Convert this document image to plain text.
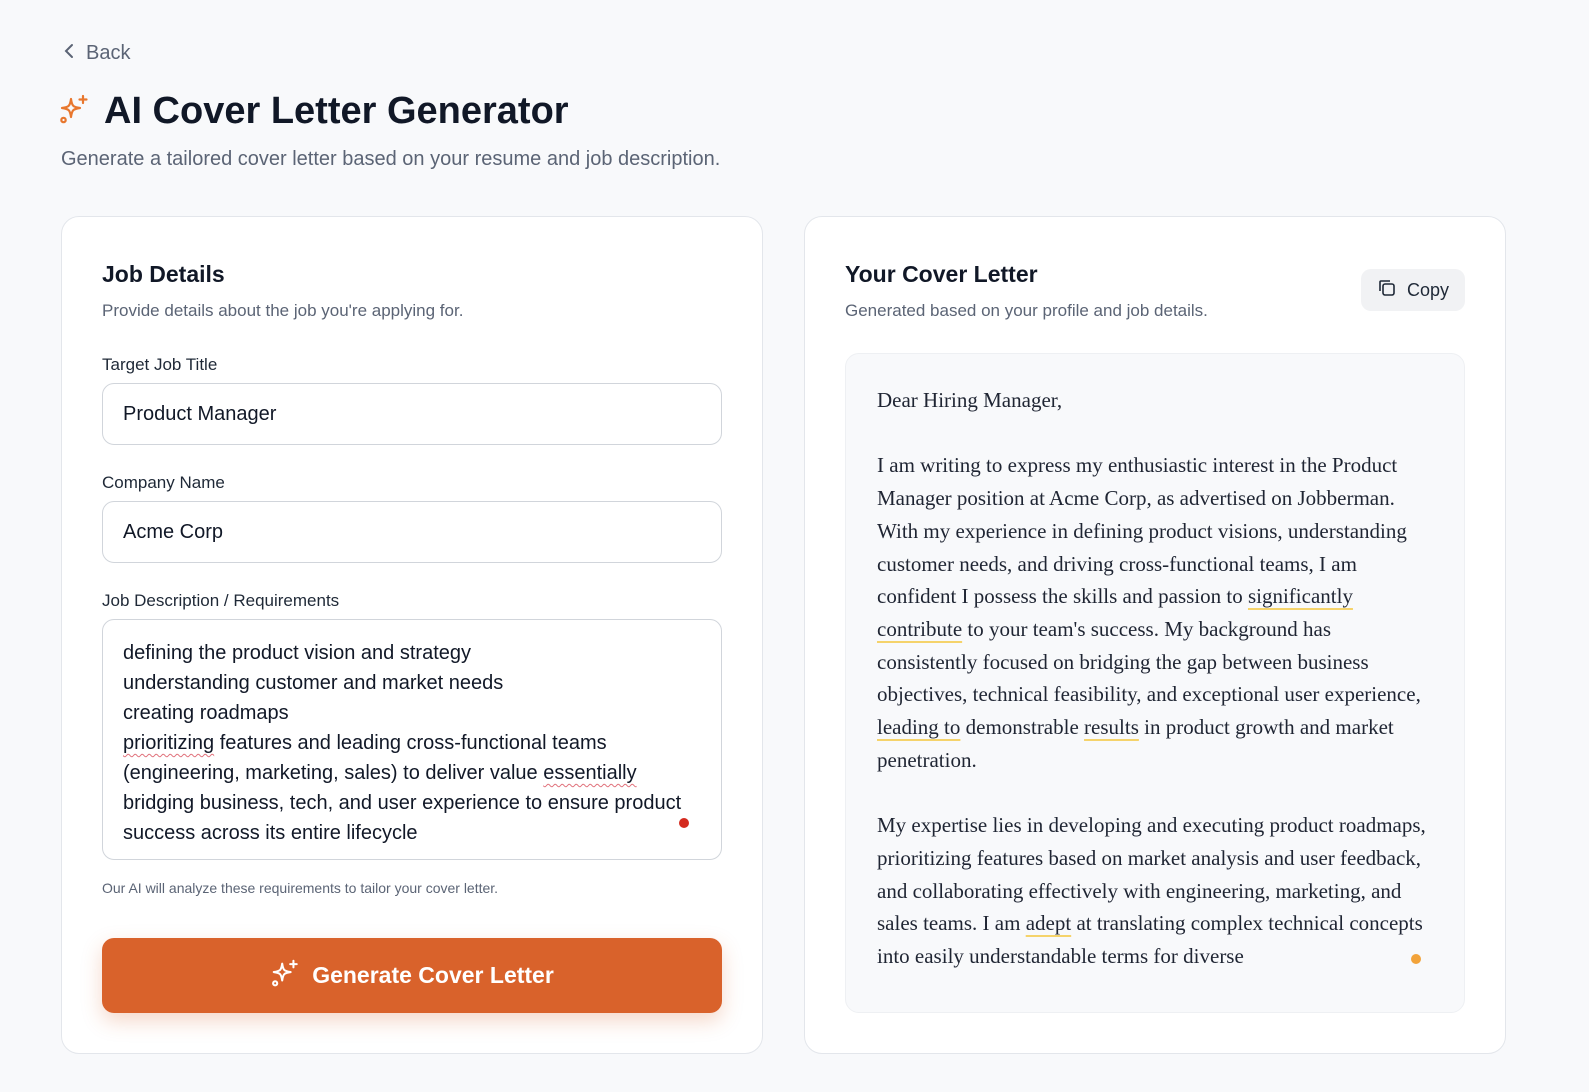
Back
AI Cover Letter Generator
Generate a tailored cover letter based on your resume and job description.
Job Details
Provide details about the job you're applying for.
Target Job Title
Product Manager
Company Name
Acme Corp
Job Description / Requirements
defining the product vision and strategy
understanding customer and market needs
creating roadmaps
prioritizing features and leading cross-functional teams
(engineering, marketing, sales) to deliver value essentially
bridging business, tech, and user experience to ensure product
success across its entire lifecycle
Our AI will analyze these requirements to tailor your cover letter.
Generate Cover Letter
Your Cover Letter
Generated based on your profile and job details.
Copy

Dear Hiring Manager,

I am writing to express my enthusiastic interest in the Product Manager position at Acme Corp, as advertised on Jobberman. With my experience in defining product visions, understanding customer needs, and driving cross-functional teams, I am confident I possess the skills and passion to significantly contribute to your team's success. My background has consistently focused on bridging the gap between business objectives, technical feasibility, and exceptional user experience, leading to demonstrable results in product growth and market penetration.

My expertise lies in developing and executing product roadmaps, prioritizing features based on market analysis and user feedback, and collaborating effectively with engineering, marketing, and sales teams. I am adept at translating complex technical concepts into easily understandable terms for diverse
